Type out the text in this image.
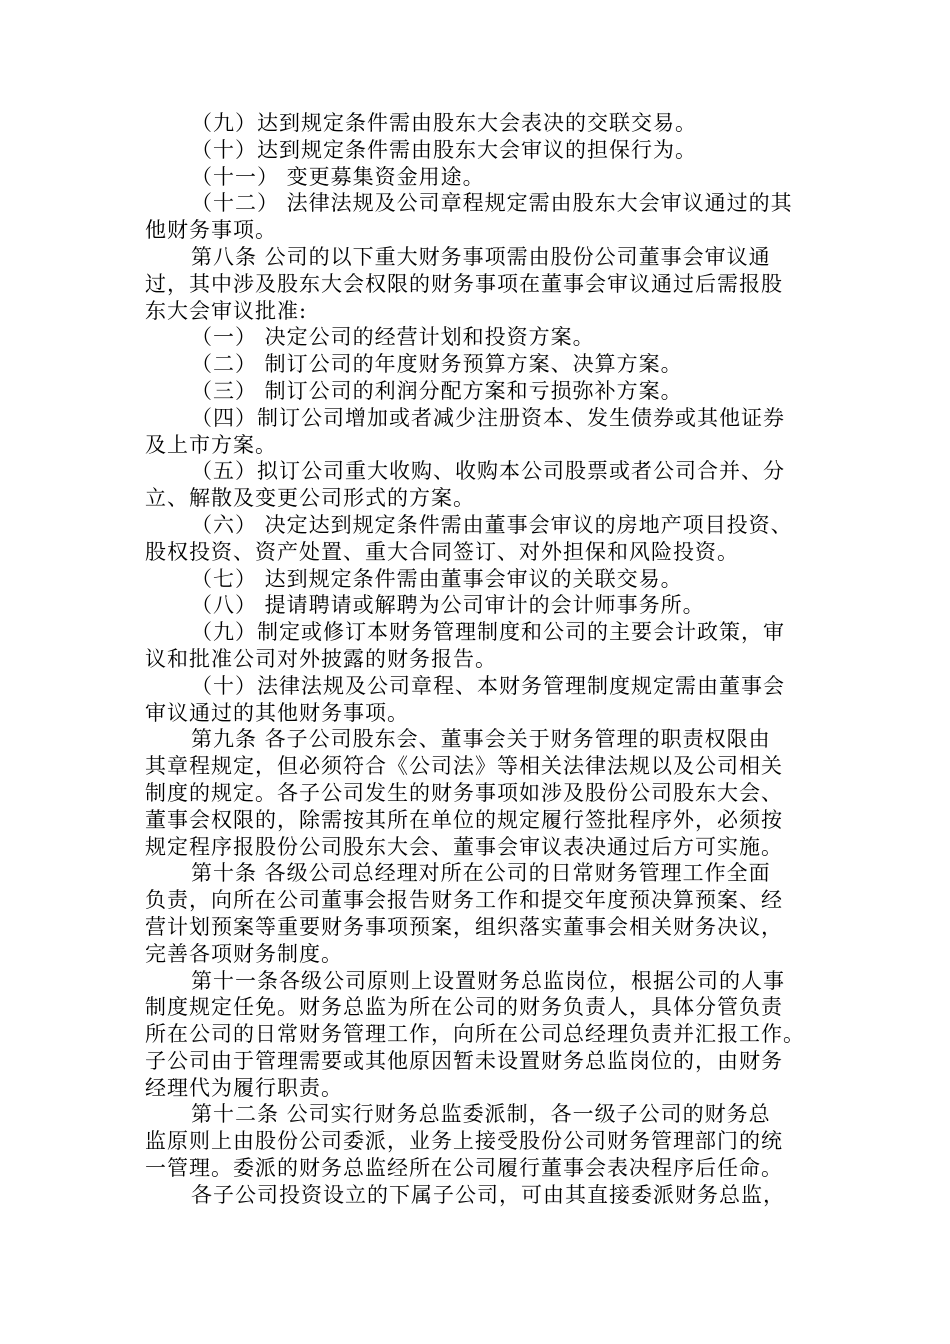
（九）达到规定条件需由股东大会表决的交联交易。
（十）达到规定条件需由股东大会审议的担保行为。
（十一） 变更募集资金用途。
（十二） 法律法规及公司章程规定需由股东大会审议通过的其
他财务事项。
第八条 公司的以下重大财务事项需由股份公司董事会审议通
过，其中涉及股东大会权限的财务事项在董事会审议通过后需报股
东大会审议批准:
（一） 决定公司的经营计划和投资方案。
（二） 制订公司的年度财务预算方案、决算方案。
（三） 制订公司的利润分配方案和亏损弥补方案。
（四）制订公司增加或者减少注册资本、发生债券或其他证券
及上市方案。
（五）拟订公司重大收购、收购本公司股票或者公司合并、分
立、解散及变更公司形式的方案。
（六） 决定达到规定条件需由董事会审议的房地产项目投资、
股权投资、资产处置、重大合同签订、对外担保和风险投资。
（七） 达到规定条件需由董事会审议的关联交易。
（八） 提请聘请或解聘为公司审计的会计师事务所。
（九）制定或修订本财务管理制度和公司的主要会计政策，审
议和批准公司对外披露的财务报告。
（十）法律法规及公司章程、本财务管理制度规定需由董事会
审议通过的其他财务事项。
第九条 各子公司股东会、董事会关于财务管理的职责权限由
其章程规定，但必须符合《公司法》等相关法律法规以及公司相关
制度的规定。各子公司发生的财务事项如涉及股份公司股东大会、
董事会权限的，除需按其所在单位的规定履行签批程序外，必须按
规定程序报股份公司股东大会、董事会审议表决通过后方可实施。
第十条 各级公司总经理对所在公司的日常财务管理工作全面
负责，向所在公司董事会报告财务工作和提交年度预决算预案、经
营计划预案等重要财务事项预案，组织落实董事会相关财务决议，
完善各项财务制度。
第十一条各级公司原则上设置财务总监岗位，根据公司的人事
制度规定任免。财务总监为所在公司的财务负责人，具体分管负责
所在公司的日常财务管理工作，向所在公司总经理负责并汇报工作。
子公司由于管理需要或其他原因暂未设置财务总监岗位的，由财务
经理代为履行职责。
第十二条 公司实行财务总监委派制，各一级子公司的财务总
监原则上由股份公司委派，业务上接受股份公司财务管理部门的统
一管理。委派的财务总监经所在公司履行董事会表决程序后任命。
各子公司投资设立的下属子公司，可由其直接委派财务总监，
